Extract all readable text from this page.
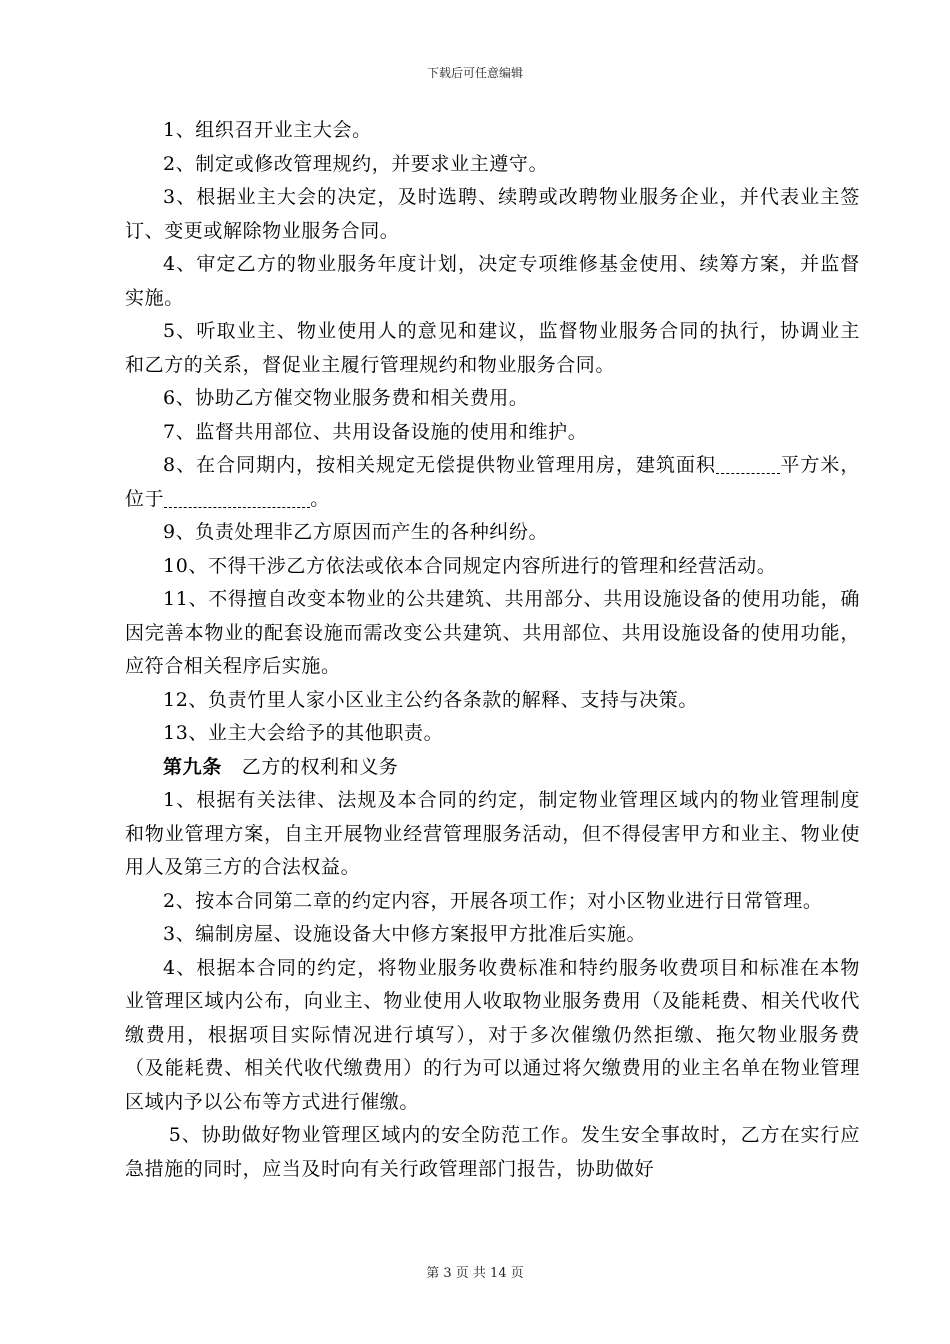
下载后可任意编辑

1、组织召开业主大会。

2、制定或修改管理规约，并要求业主遵守。

3、根据业主大会的决定，及时选聘、续聘或改聘物业服务企业，并代表业主签订、变更或解除物业服务合同。

4、审定乙方的物业服务年度计划，决定专项维修基金使用、续筹方案，并监督实施。

5、听取业主、物业使用人的意见和建议，监督物业服务合同的执行，协调业主和乙方的关系，督促业主履行管理规约和物业服务合同。

6、协助乙方催交物业服务费和相关费用。

7、监督共用部位、共用设备设施的使用和维护。

8、在合同期内，按相关规定无偿提供物业管理用房，建筑面积	平方米，位于	。

9、负责处理非乙方原因而产生的各种纠纷。

10、不得干涉乙方依法或依本合同规定内容所进行的管理和经营活动。

11、不得擅自改变本物业的公共建筑、共用部分、共用设施设备的使用功能，确因完善本物业的配套设施而需改变公共建筑、共用部位、共用设施设备的使用功能，应符合相关程序后实施。

12、负责竹里人家小区业主公约各条款的解释、支持与决策。

13、业主大会给予的其他职责。

第九条 乙方的权利和义务

1、根据有关法律、法规及本合同的约定，制定物业管理区域内的物业管理制度和物业管理方案，自主开展物业经营管理服务活动，但不得侵害甲方和业主、物业使用人及第三方的合法权益。

2、按本合同第二章的约定内容，开展各项工作；对小区物业进行日常管理。

3、编制房屋、设施设备大中修方案报甲方批准后实施。

4、根据本合同的约定，将物业服务收费标准和特约服务收费项目和标准在本物业管理区域内公布，向业主、物业使用人收取物业服务费用（及能耗费、相关代收代缴费用，根据项目实际情况进行填写），对于多次催缴仍然拒缴、拖欠物业服务费（及能耗费、相关代收代缴费用）的行为可以通过将欠缴费用的业主名单在物业管理区域内予以公布等方式进行催缴。

5、协助做好物业管理区域内的安全防范工作。发生安全事故时，乙方在实行应急措施的同时，应当及时向有关行政管理部门报告，协助做好

第 3 页 共 14 页
